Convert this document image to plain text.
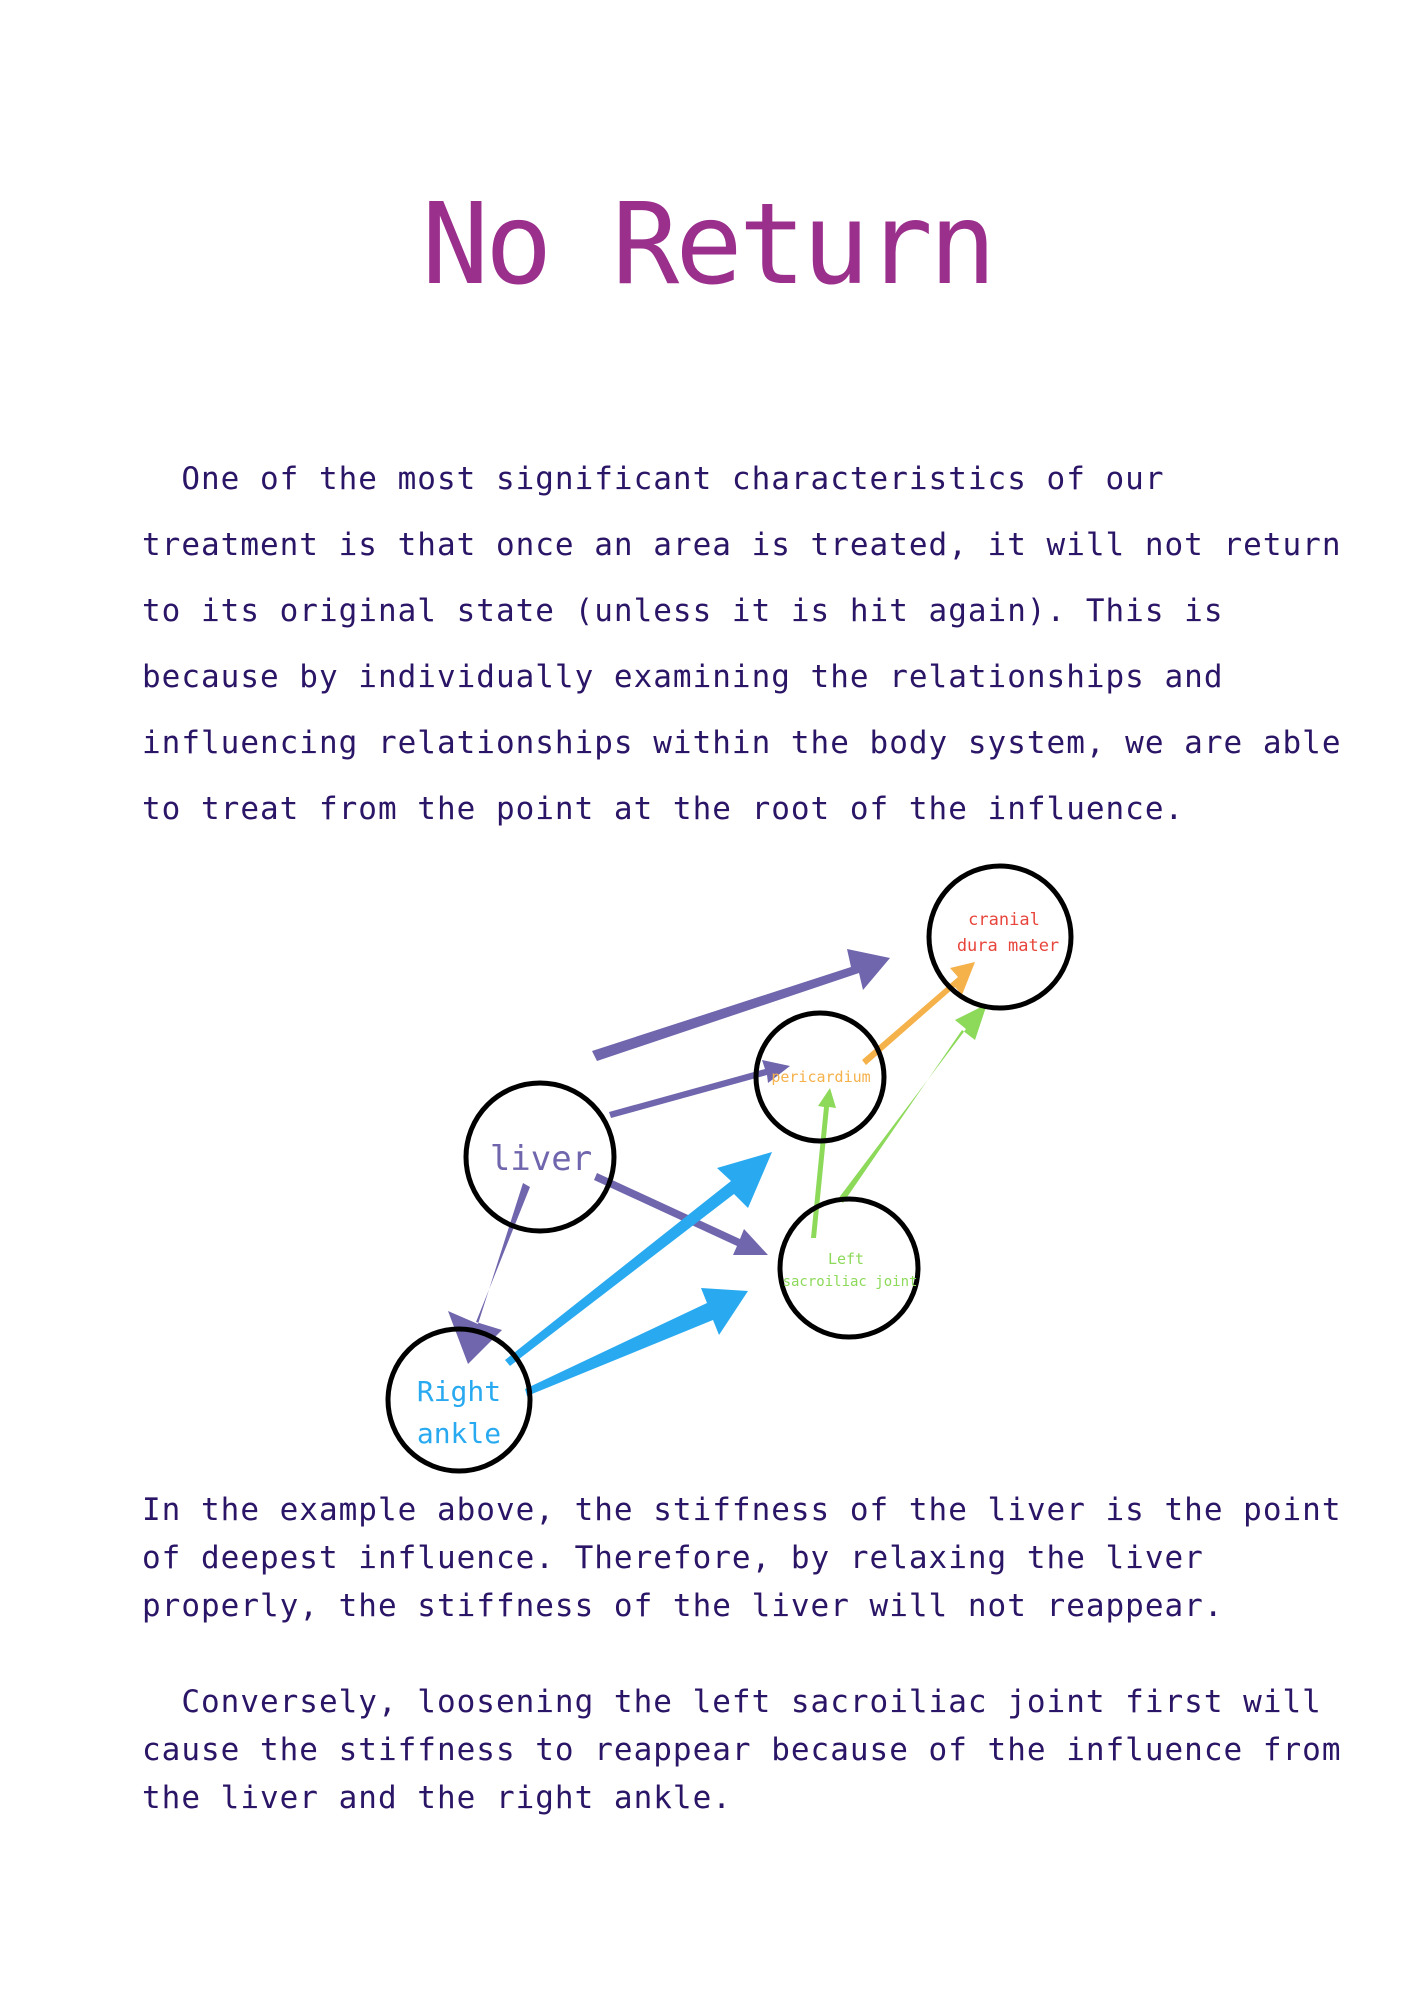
No Return
One of the most significant characteristics of our
treatment is that once an area is treated, it will not return
to its original state (unless it is hit again). This is
because by individually examining the relationships and
influencing relationships within the body system, we are able
to treat from the point at the root of the influence.
cranial
dura mater
pericardium
liver
Left
sacroiliac joint
Right
ankle
In the example above, the stiffness of the liver is the point
of deepest influence. Therefore, by relaxing the liver
properly, the stiffness of the liver will not reappear.
Conversely, loosening the left sacroiliac joint first will
cause the stiffness to reappear because of the influence from
the liver and the right ankle.
